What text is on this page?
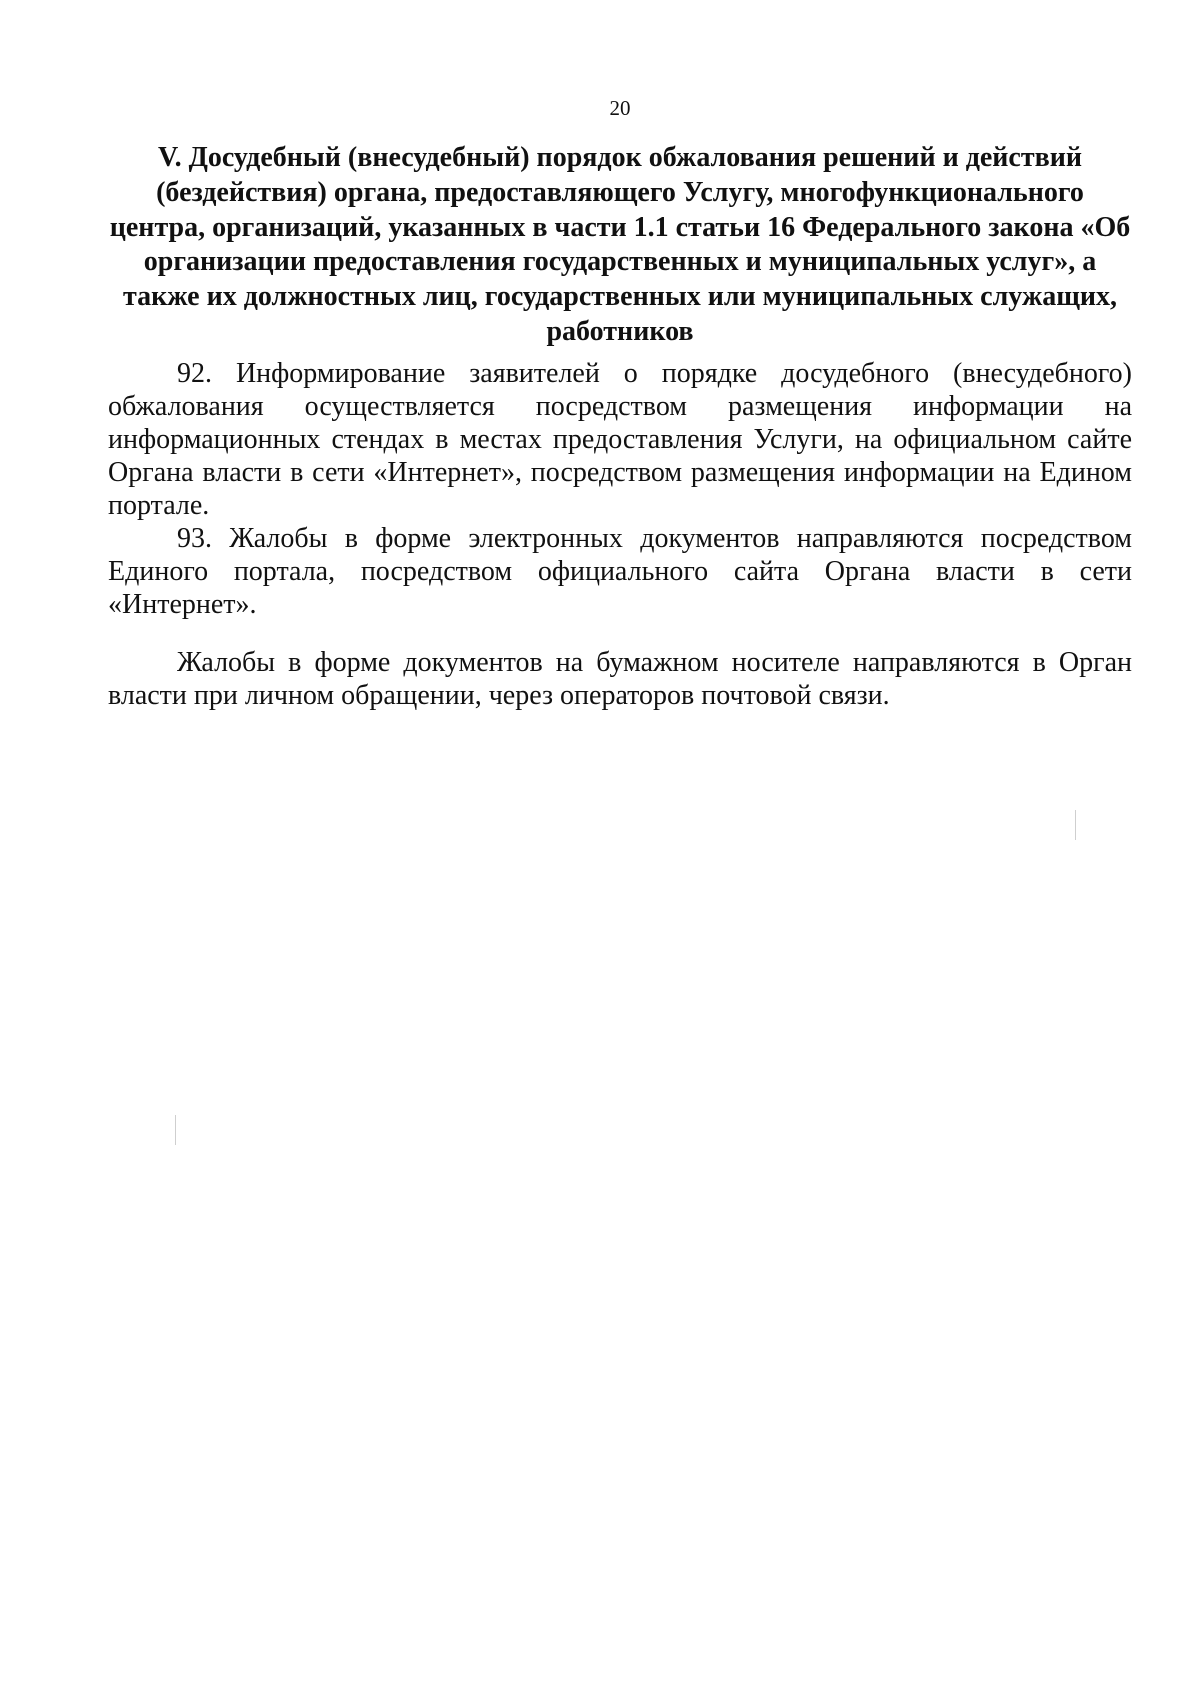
20
V. Досудебный (внесудебный) порядок обжалования решений и действий (бездействия) органа, предоставляющего Услугу, многофункционального центра, организаций, указанных в части 1.1 статьи 16 Федерального закона «Об организации предоставления государственных и муниципальных услуг», а также их должностных лиц, государственных или муниципальных служащих, работников

92. Информирование заявителей о порядке досудебного (внесудебного) обжалования осуществляется посредством размещения информации на информационных стендах в местах предоставления Услуги, на официальном сайте Органа власти в сети «Интернет», посредством размещения информации на Едином портале.

93. Жалобы в форме электронных документов направляются посредством Единого портала, посредством официального сайта Органа власти в сети «Интернет».

Жалобы в форме документов на бумажном носителе направляются в Орган власти при личном обращении, через операторов почтовой связи.
